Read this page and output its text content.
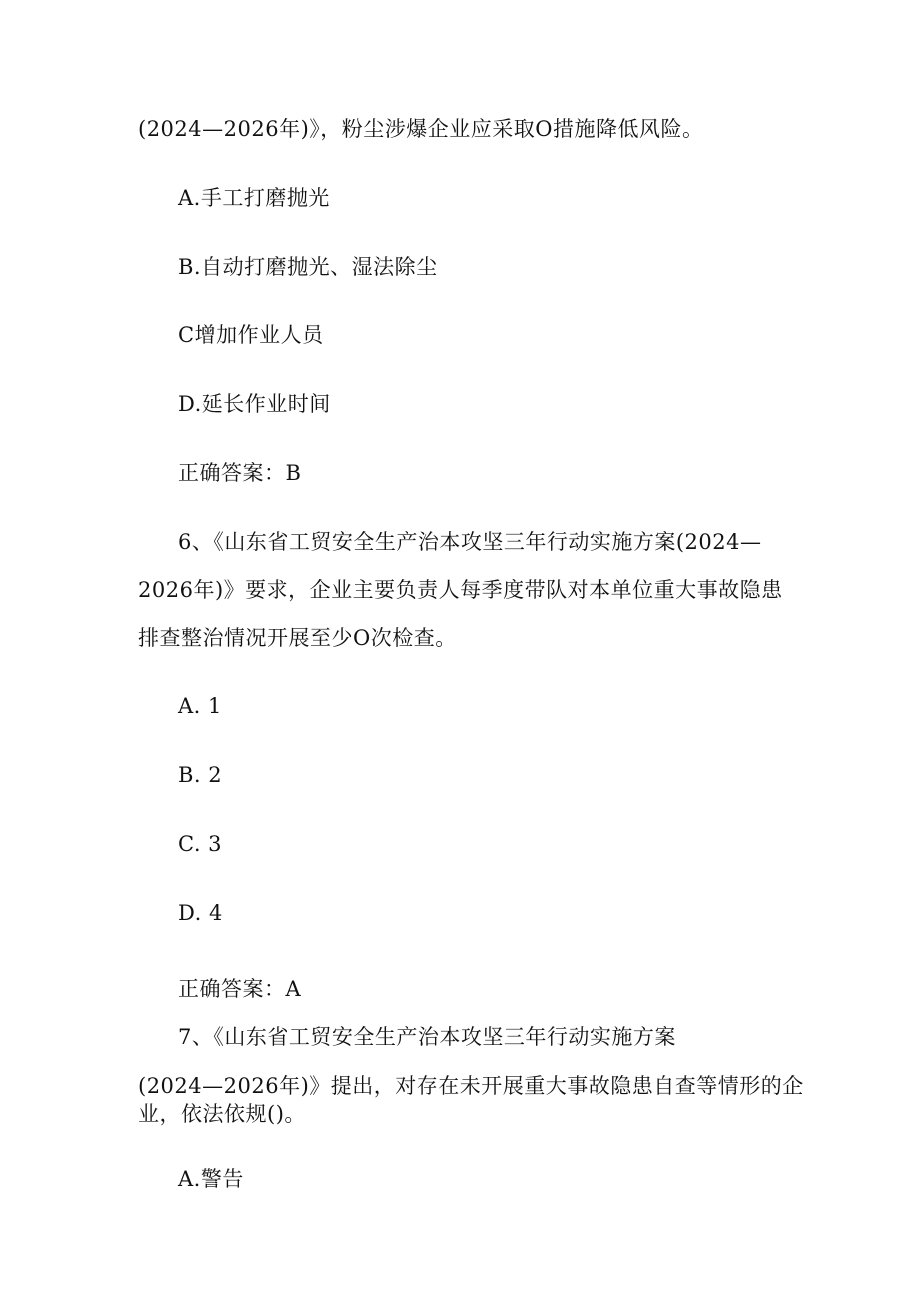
(2024—2026年)》，粉尘涉爆企业应采取O措施降低风险。
A.手工打磨抛光
B.自动打磨抛光、湿法除尘
C增加作业人员
D.延长作业时间
正确答案：B
6、《山东省工贸安全生产治本攻坚三年行动实施方案(2024—
2026年)》要求，企业主要负责人每季度带队对本单位重大事故隐患
排查整治情况开展至少O次检查。
A. 1
B. 2
C. 3
D. 4
正确答案：A
7、《山东省工贸安全生产治本攻坚三年行动实施方案
(2024—2026年)》提出，对存在未开展重大事故隐患自查等情形的企
业，依法依规()。
A.警告
